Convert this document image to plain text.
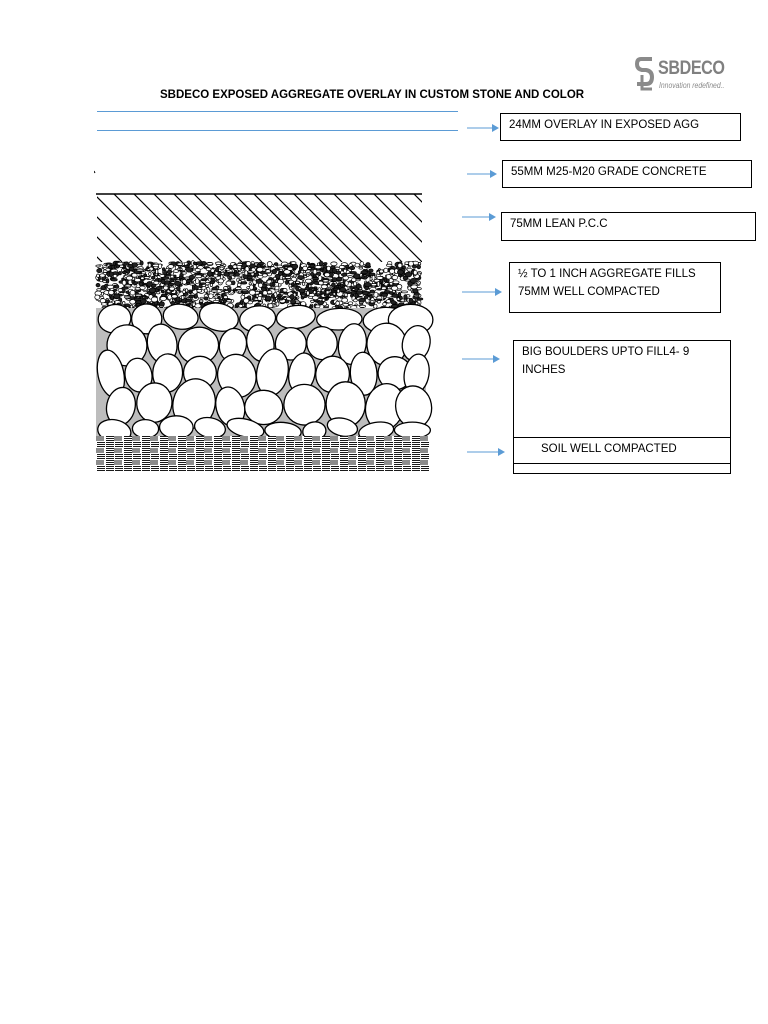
SBDECO
Innovation redefined..
SBDECO EXPOSED AGGREGATE OVERLAY IN CUSTOM STONE AND COLOR
24MM OVERLAY IN EXPOSED AGG
55MM M25-M20 GRADE CONCRETE
75MM LEAN P.C.C
½ TO 1 INCH AGGREGATE FILLS 75MM WELL COMPACTED
BIG BOULDERS UPTO FILL4- 9 INCHES
SOIL WELL COMPACTED
